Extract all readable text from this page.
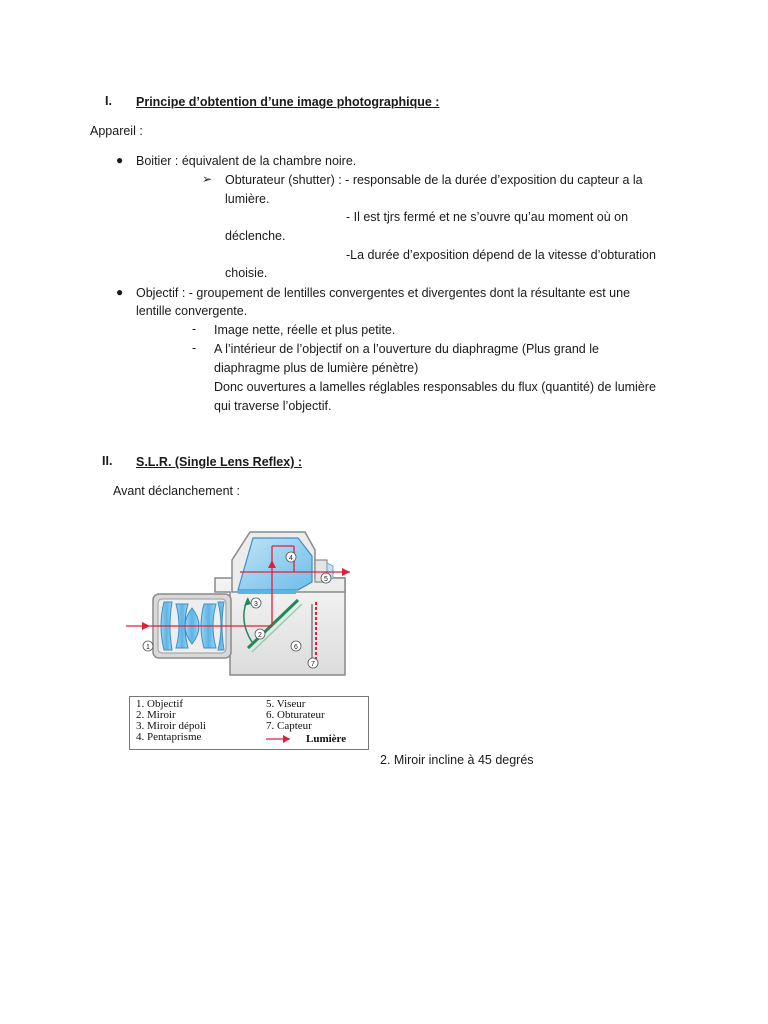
I. Principe d’obtention d’une image photographique :
Appareil :
● Boitier : équivalent de la chambre noire.
➢ Obturateur (shutter) : - responsable de la durée d’exposition du capteur a la
lumière.
- Il est tjrs fermé et ne s’ouvre qu’au moment où on
déclenche.
-La durée d’exposition dépend de la vitesse d’obturation
choisie.
● Objectif : - groupement de lentilles convergentes et divergentes dont la résultante est une
lentille convergente.
- Image nette, réelle et plus petite.
- A l’intérieur de l’objectif on a l’ouverture du diaphragme (Plus grand le
diaphragme plus de lumière pénètre)
Donc ouvertures a lamelles réglables responsables du flux (quantité) de lumière
qui traverse l’objectif.
II. S.L.R. (Single Lens Reflex) :
Avant déclanchement :
1
2
3
4
5
6
7
1. Objectif
2. Miroir
3. Miroir dépoli
4. Pentaprisme
5. Viseur
6. Obturateur
7. Capteur
Lumière
2. Miroir incline à 45 degrés
